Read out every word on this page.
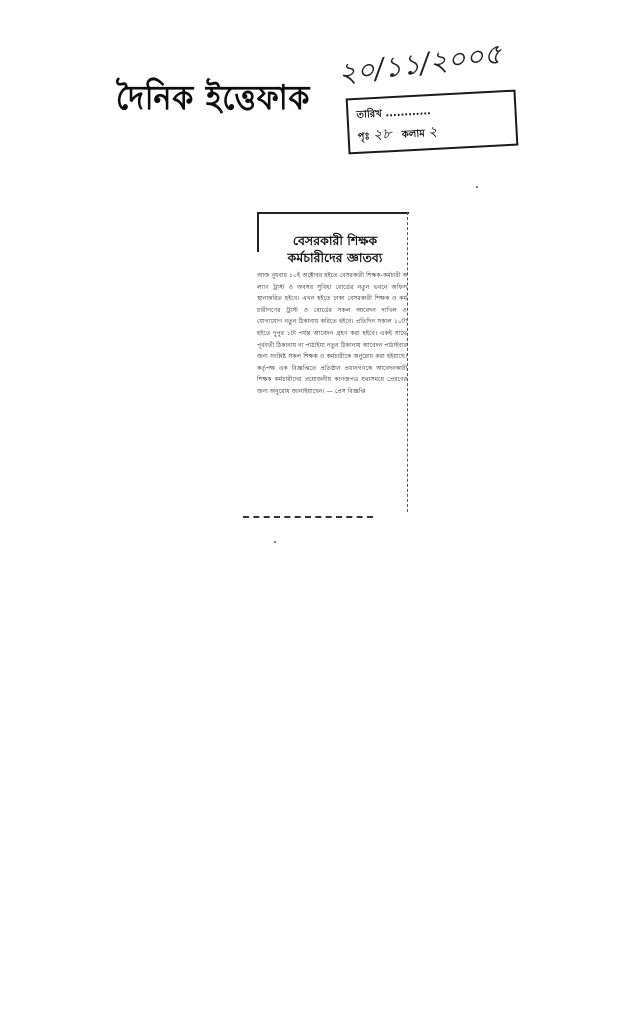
দৈনিক ইত্তেফাক
২০/১১/২০০৫
তারিখ ............
পৃঃ ২৮ কলাম ২
বেসরকারী শিক্ষক
কর্মচারীদের জ্ঞাতব্য
আজ বুধবার ১০ই অক্টোবর হইতে বেসরকারী শিক্ষক-কর্মচারী কল্যাণ ট্রাস্ট ও অবসর সুবিধা বোর্ডের নতুন ভবনে অফিস স্থানান্তরিত হইবে। এখন হইতে ঢাকা বেসরকারী শিক্ষক ও কর্মচারীগণের ট্রাস্ট ও বোর্ডের সকল আবেদন দাখিল ও যোগাযোগ নতুন ঠিকানায় করিতে হইবে। প্রতিদিন সকাল ১০টা হইতে দুপুর ১টা পর্যন্ত আবেদন গ্রহণ করা হইবে। একই সাথে পূর্ববর্তী ঠিকানায় না পাঠাইয়া নতুন ঠিকানায় আবেদন পাঠাইবার জন্য সংশ্লিষ্ট সকল শিক্ষক ও কর্মচারীকে অনুরোধ করা হইয়াছে। কর্তৃপক্ষ এক বিজ্ঞপ্তিতে প্রতিষ্ঠান প্রধানগণকে আবেদনকারী শিক্ষক কর্মচারীদের প্রয়োজনীয় কাগজপত্র যথাসময়ে প্রেরণের জন্য অনুরোধ জানাইয়াছেন। — প্রেস বিজ্ঞপ্তি
